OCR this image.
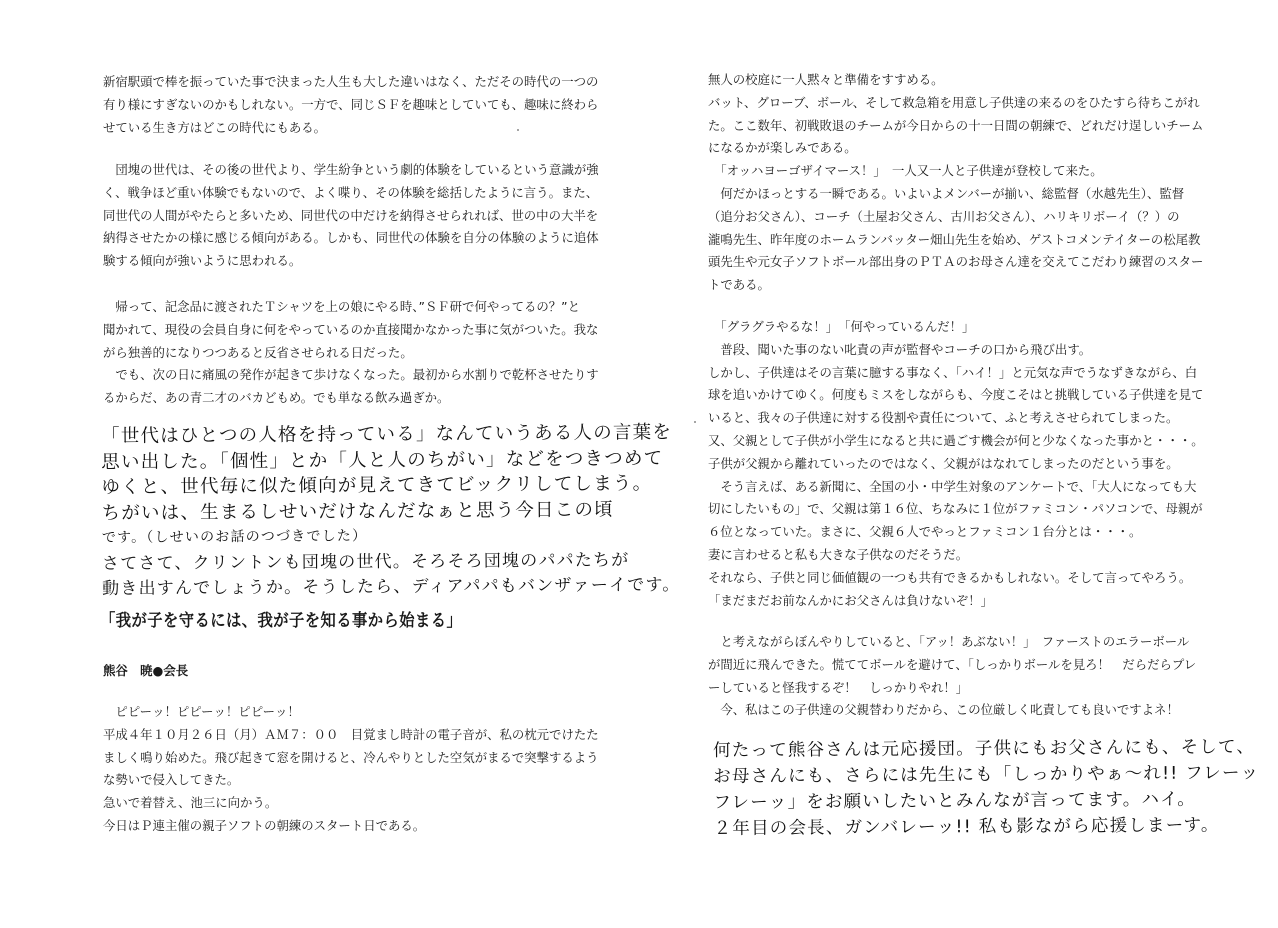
新宿駅頭で棒を振っていた事で決まった人生も大した違いはなく、ただその時代の一つの
有り様にすぎないのかもしれない。一方で、同じＳＦを趣味としていても、趣味に終わら
せている生き方はどこの時代にもある。
　団塊の世代は、その後の世代より、学生紛争という劇的体験をしているという意識が強
く、戦争ほど重い体験でもないので、よく喋り、その体験を総括したように言う。また、
同世代の人間がやたらと多いため、同世代の中だけを納得させられれば、世の中の大半を
納得させたかの様に感じる傾向がある。しかも、同世代の体験を自分の体験のように追体
験する傾向が強いように思われる。
　帰って、記念品に渡されたＴシャツを上の娘にやる時、”ＳＦ研で何やってるの？”と
聞かれて、現役の会員自身に何をやっているのか直接聞かなかった事に気がついた。我な
がら独善的になりつつあると反省させられる日だった。
　でも、次の日に痛風の発作が起きて歩けなくなった。最初から水割りで乾杯させたりす
るからだ、あの青二才のバカどもめ。でも単なる飲み過ぎか。
「世代はひとつの人格を持っている」なんていうある人の言葉を
思い出した。「個性」とか「人と人のちがい」などをつきつめて
ゆくと、世代毎に似た傾向が見えてきてビックリしてしまう。
ちがいは、生まるしせいだけなんだなぁと思う今日この頃
です。（しせいのお話のつづきでした）
さてさて、クリントンも団塊の世代。そろそろ団塊のパパたちが
動き出すんでしょうか。そうしたら、ディアパパもバンザァーイです。
「我が子を守るには、我が子を知る事から始まる」
熊谷　暁●会長
　ピピーッ！ピピーッ！ピピーッ！
平成４年１０月２６日（月）ＡＭ７：００　目覚まし時計の電子音が、私の枕元でけたた
ましく鳴り始めた。飛び起きて窓を開けると、冷んやりとした空気がまるで突撃するよう
な勢いで侵入してきた。
急いで着替え、池三に向かう。
今日はＰ連主催の親子ソフトの朝練のスタート日である。
無人の校庭に一人黙々と準備をすすめる。
バット、グローブ、ボール、そして救急箱を用意し子供達の来るのをひたすら待ちこがれ
た。ここ数年、初戦敗退のチームが今日からの十一日間の朝練で、どれだけ逞しいチーム
になるかが楽しみである。
　「オッハヨーゴザイマース！」　一人又一人と子供達が登校して来た。
　何だかほっとする一瞬である。いよいよメンバーが揃い、総監督（水越先生）、監督
（追分お父さん）、コーチ（土屋お父さん、古川お父さん）、ハリキリボーイ（？）の
瀧鳴先生、昨年度のホームランバッター畑山先生を始め、ゲストコメンテイターの松尾教
頭先生や元女子ソフトボール部出身のＰＴＡのお母さん達を交えてこだわり練習のスター
トである。
　「グラグラやるな！」　「何やっているんだ！」
　普段、聞いた事のない叱責の声が監督やコーチの口から飛び出す。
しかし、子供達はその言葉に臆する事なく、「ハイ！」と元気な声でうなずきながら、白
球を追いかけてゆく。何度もミスをしながらも、今度こそはと挑戦している子供達を見て
いると、我々の子供達に対する役割や責任について、ふと考えさせられてしまった。
又、父親として子供が小学生になると共に過ごす機会が何と少なくなった事かと・・・。
子供が父親から離れていったのではなく、父親がはなれてしまったのだという事を。
　そう言えば、ある新聞に、全国の小・中学生対象のアンケートで、「大人になっても大
切にしたいもの」で、父親は第１６位、ちなみに１位がファミコン・パソコンで、母親が
６位となっていた。まさに、父親６人でやっとファミコン１台分とは・・・。
妻に言わせると私も大きな子供なのだそうだ。
それなら、子供と同じ価値観の一つも共有できるかもしれない。そして言ってやろう。
「まだまだお前なんかにお父さんは負けないぞ！」
　と考えながらぼんやりしていると、「アッ！あぶない！」　ファーストのエラーボール
が間近に飛んできた。慌ててボールを避けて、「しっかりボールを見ろ！　だらだらプレ
ーしていると怪我するぞ！　しっかりやれ！」
　今、私はこの子供達の父親替わりだから、この位厳しく叱責しても良いですよネ！
何たって熊谷さんは元応援団。子供にもお父さんにも、そして、
お母さんにも、さらには先生にも「しっかりやぁ〜れ!! フレーッ
フレーッ」をお願いしたいとみんなが言ってます。ハイ。
２年目の会長、ガンバレーッ!! 私も影ながら応援しまーす。
